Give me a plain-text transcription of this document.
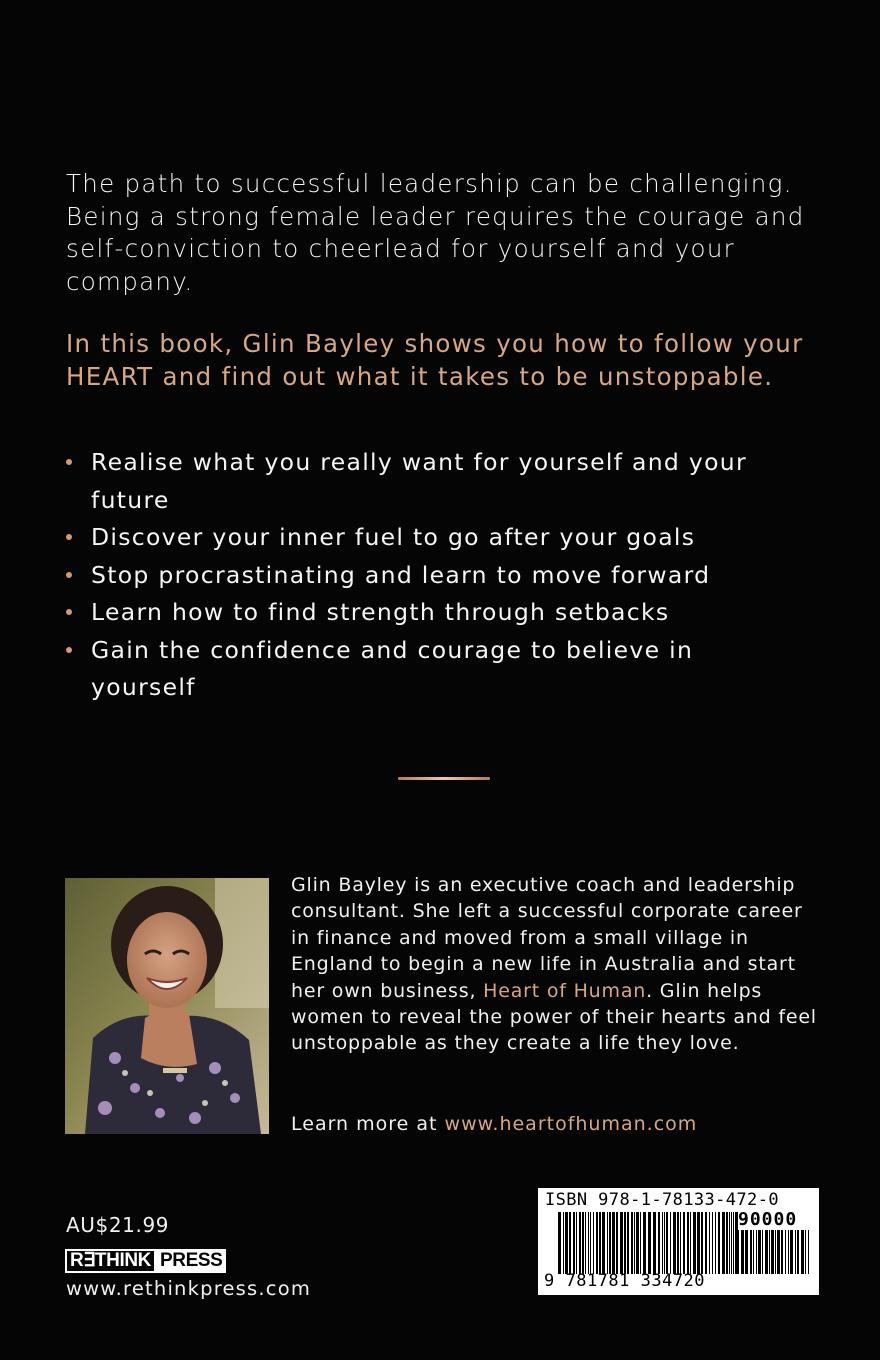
The path to successful leadership can be challenging. Being a strong female leader requires the courage and self-conviction to cheerlead for yourself and your company.

In this book, Glin Bayley shows you how to follow your HEART and find out what it takes to be unstoppable.

Realise what you really want for yourself and your future
Discover your inner fuel to go after your goals
Stop procrastinating and learn to move forward
Learn how to find strength through setbacks
Gain the confidence and courage to believe in yourself

Glin Bayley is an executive coach and leadership consultant. She left a successful corporate career in finance and moved from a small village in England to begin a new life in Australia and start her own business, Heart of Human. Glin helps women to reveal the power of their hearts and feel unstoppable as they create a life they love.

Learn more at www.heartofhuman.com

AU$21.99
R∃THINK PRESS
www.rethinkpress.com
ISBN 978-1-78133-472-0
90000
9 781781 334720
